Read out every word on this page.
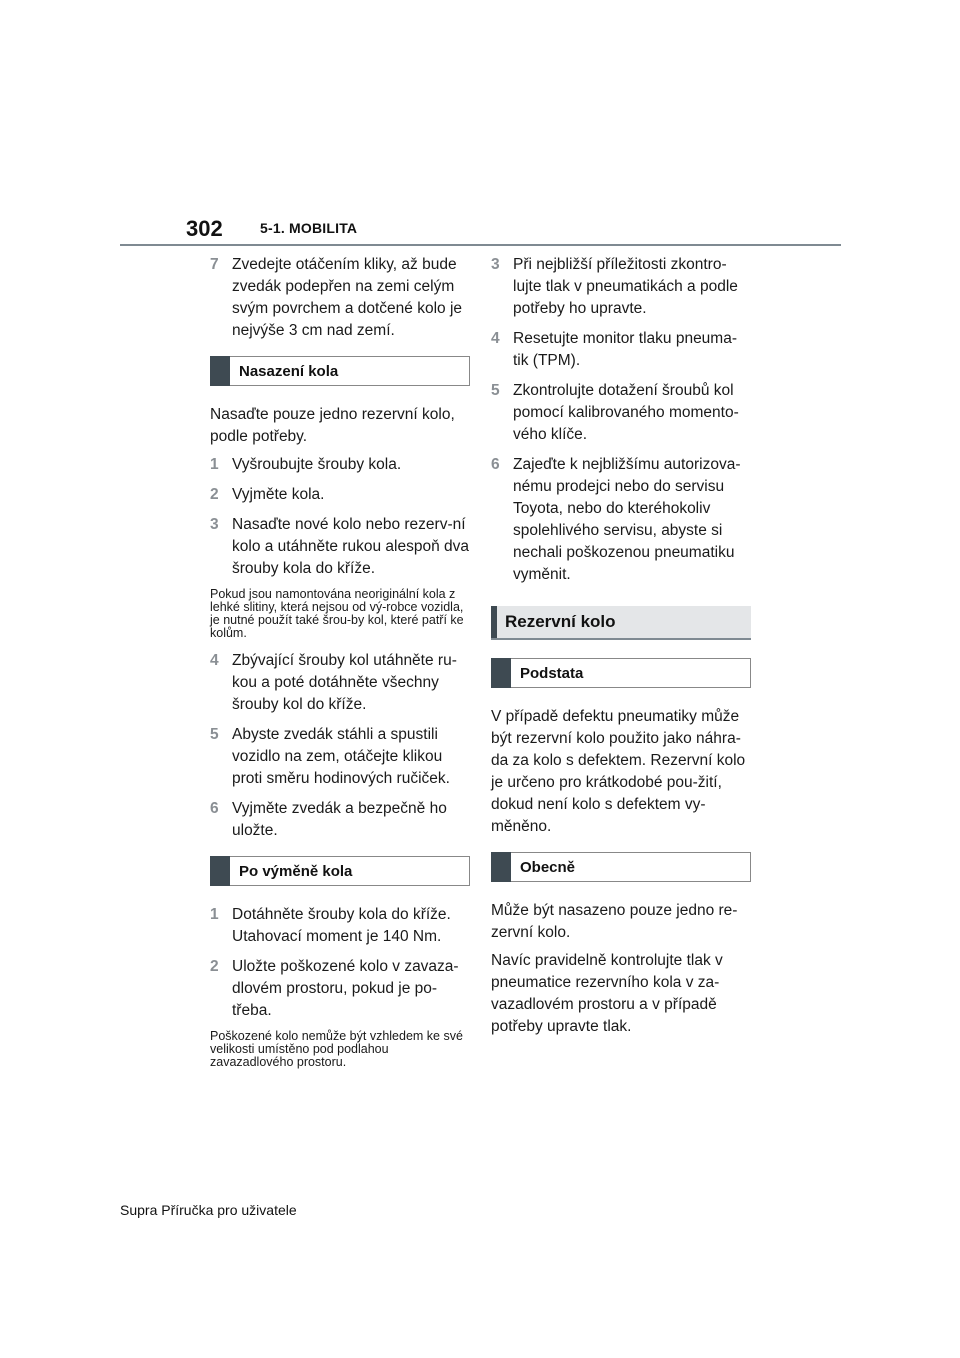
302	5-1. MOBILITA
7 Zvedejte otáčením kliky, až bude zvedák podepřen na zemi celým svým povrchem a dotčené kolo je nejvýše 3 cm nad zemí.
Nasazení kola
Nasaďte pouze jedno rezervní kolo, podle potřeby.
1 Vyšroubujte šrouby kola.
2 Vyjměte kola.
3 Nasaďte nové kolo nebo rezerv-ní kolo a utáhněte rukou alespoň dva šrouby kola do kříže.
Pokud jsou namontována neoriginální kola z lehké slitiny, která nejsou od vý-robce vozidla, je nutné použít také šrou-by kol, které patří ke kolům.
4 Zbývající šrouby kol utáhněte ru-kou a poté dotáhněte všechny šrouby kol do kříže.
5 Abyste zvedák stáhli a spustili vozidlo na zem, otáčejte klikou proti směru hodinových ručiček.
6 Vyjměte zvedák a bezpečně ho uložte.
Po výměně kola
1 Dotáhněte šrouby kola do kříže. Utahovací moment je 140 Nm.
2 Uložte poškozené kolo v zavaza-dlovém prostoru, pokud je po-třeba.
Poškozené kolo nemůže být vzhledem ke své velikosti umístěno pod podlahou zavazadlového prostoru.
3 Při nejbližší příležitosti zkontro-lujte tlak v pneumatikách a podle potřeby ho upravte.
4 Resetujte monitor tlaku pneuma-tik (TPM).
5 Zkontrolujte dotažení šroubů kol pomocí kalibrovaného momento-vého klíče.
6 Zajeďte k nejbližšímu autorizova-nému prodejci nebo do servisu Toyota, nebo do kteréhokoliv spolehlivého servisu, abyste si nechali poškozenou pneumatiku vyměnit.
Rezervní kolo
Podstata
V případě defektu pneumatiky může být rezervní kolo použito jako náhra-da za kolo s defektem. Rezervní kolo je určeno pro krátkodobé pou-žití, dokud není kolo s defektem vy-měněno.
Obecně
Může být nasazeno pouze jedno re-zervní kolo.
Navíc pravidelně kontrolujte tlak v pneumatice rezervního kola v za-vazadlovém prostoru a v případě potřeby upravte tlak.
Supra Příručka pro uživatele
